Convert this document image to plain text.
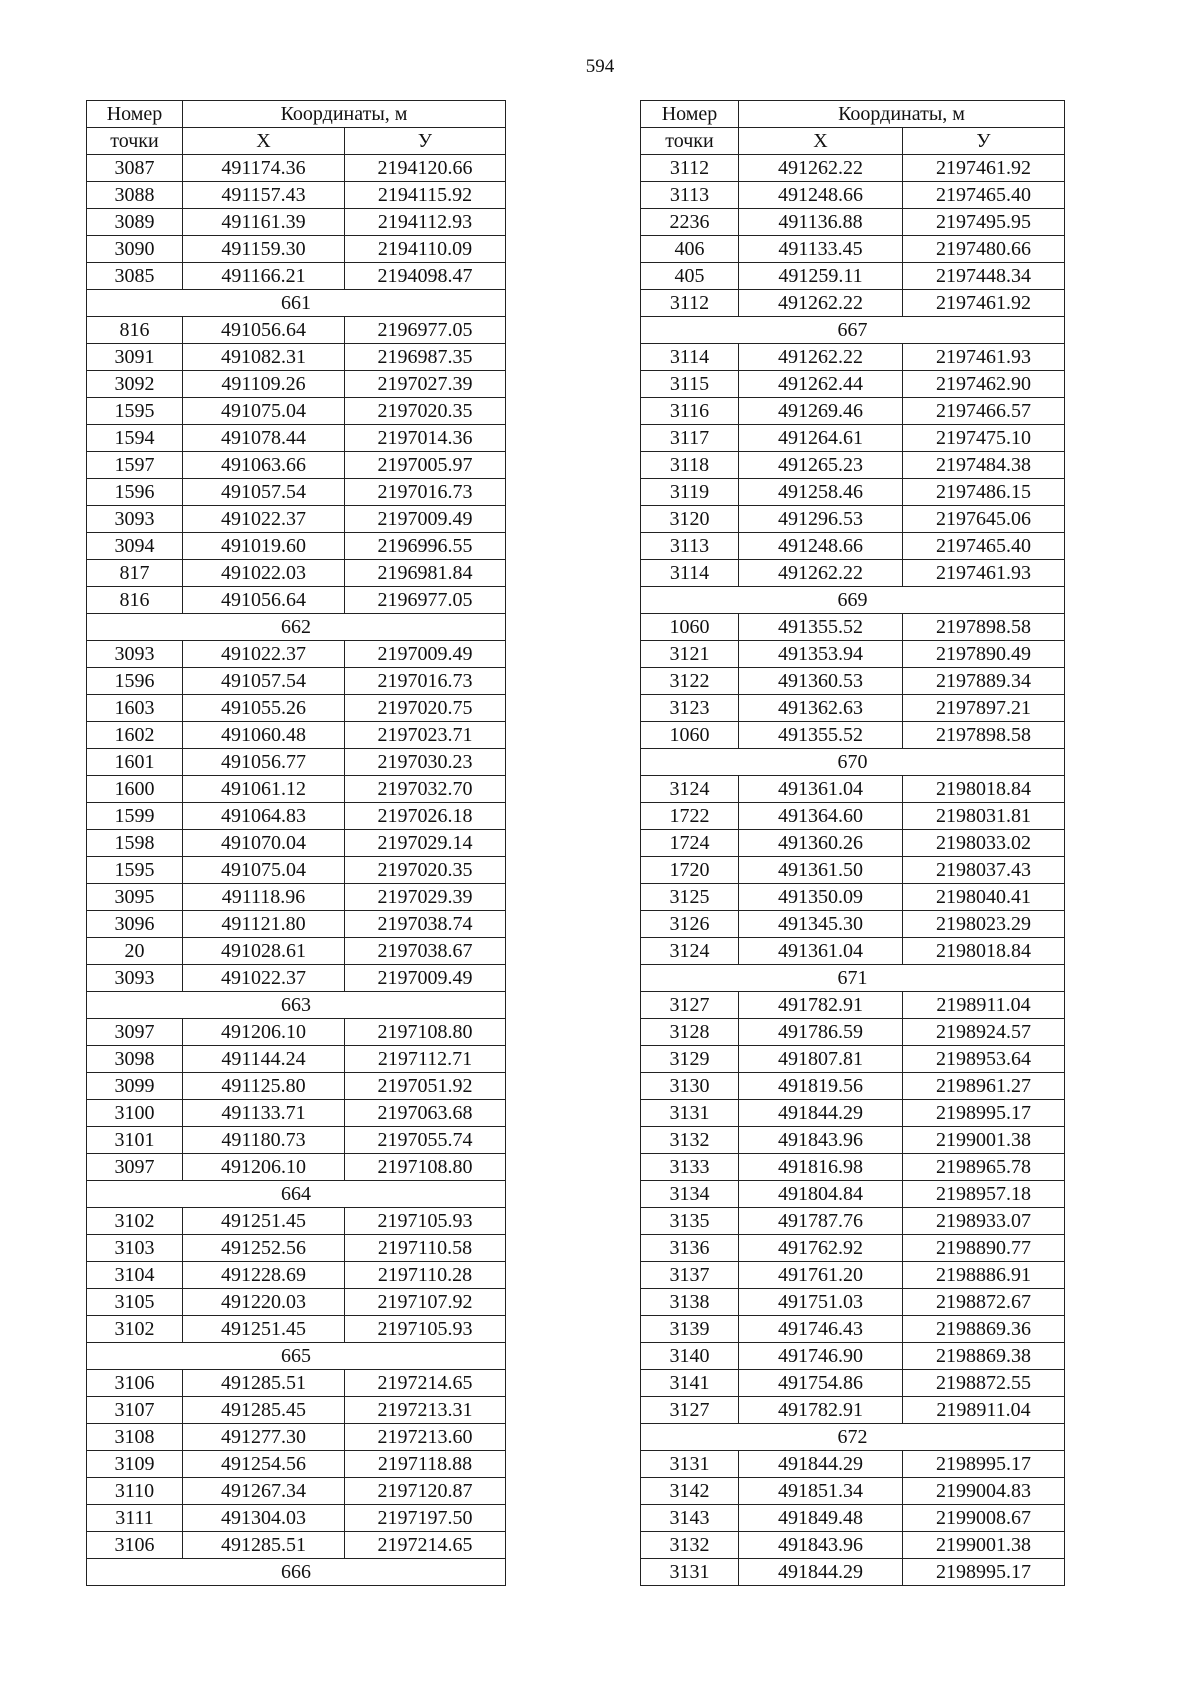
594
Номер	Координаты, м	
точки	Х	У
3087	491174.36	2194120.66
3088	491157.43	2194115.92
3089	491161.39	2194112.93
3090	491159.30	2194110.09
3085	491166.21	2194098.47
661		
816	491056.64	2196977.05
3091	491082.31	2196987.35
3092	491109.26	2197027.39
1595	491075.04	2197020.35
1594	491078.44	2197014.36
1597	491063.66	2197005.97
1596	491057.54	2197016.73
3093	491022.37	2197009.49
3094	491019.60	2196996.55
817	491022.03	2196981.84
816	491056.64	2196977.05
662		
3093	491022.37	2197009.49
1596	491057.54	2197016.73
1603	491055.26	2197020.75
1602	491060.48	2197023.71
1601	491056.77	2197030.23
1600	491061.12	2197032.70
1599	491064.83	2197026.18
1598	491070.04	2197029.14
1595	491075.04	2197020.35
3095	491118.96	2197029.39
3096	491121.80	2197038.74
20	491028.61	2197038.67
3093	491022.37	2197009.49
663		
3097	491206.10	2197108.80
3098	491144.24	2197112.71
3099	491125.80	2197051.92
3100	491133.71	2197063.68
3101	491180.73	2197055.74
3097	491206.10	2197108.80
664		
3102	491251.45	2197105.93
3103	491252.56	2197110.58
3104	491228.69	2197110.28
3105	491220.03	2197107.92
3102	491251.45	2197105.93
665		
3106	491285.51	2197214.65
3107	491285.45	2197213.31
3108	491277.30	2197213.60
3109	491254.56	2197118.88
3110	491267.34	2197120.87
3111	491304.03	2197197.50
3106	491285.51	2197214.65
666		
Номер	Координаты, м	
точки	Х	У
3112	491262.22	2197461.92
3113	491248.66	2197465.40
2236	491136.88	2197495.95
406	491133.45	2197480.66
405	491259.11	2197448.34
3112	491262.22	2197461.92
667		
3114	491262.22	2197461.93
3115	491262.44	2197462.90
3116	491269.46	2197466.57
3117	491264.61	2197475.10
3118	491265.23	2197484.38
3119	491258.46	2197486.15
3120	491296.53	2197645.06
3113	491248.66	2197465.40
3114	491262.22	2197461.93
669		
1060	491355.52	2197898.58
3121	491353.94	2197890.49
3122	491360.53	2197889.34
3123	491362.63	2197897.21
1060	491355.52	2197898.58
670		
3124	491361.04	2198018.84
1722	491364.60	2198031.81
1724	491360.26	2198033.02
1720	491361.50	2198037.43
3125	491350.09	2198040.41
3126	491345.30	2198023.29
3124	491361.04	2198018.84
671		
3127	491782.91	2198911.04
3128	491786.59	2198924.57
3129	491807.81	2198953.64
3130	491819.56	2198961.27
3131	491844.29	2198995.17
3132	491843.96	2199001.38
3133	491816.98	2198965.78
3134	491804.84	2198957.18
3135	491787.76	2198933.07
3136	491762.92	2198890.77
3137	491761.20	2198886.91
3138	491751.03	2198872.67
3139	491746.43	2198869.36
3140	491746.90	2198869.38
3141	491754.86	2198872.55
3127	491782.91	2198911.04
672		
3131	491844.29	2198995.17
3142	491851.34	2199004.83
3143	491849.48	2199008.67
3132	491843.96	2199001.38
3131	491844.29	2198995.17
